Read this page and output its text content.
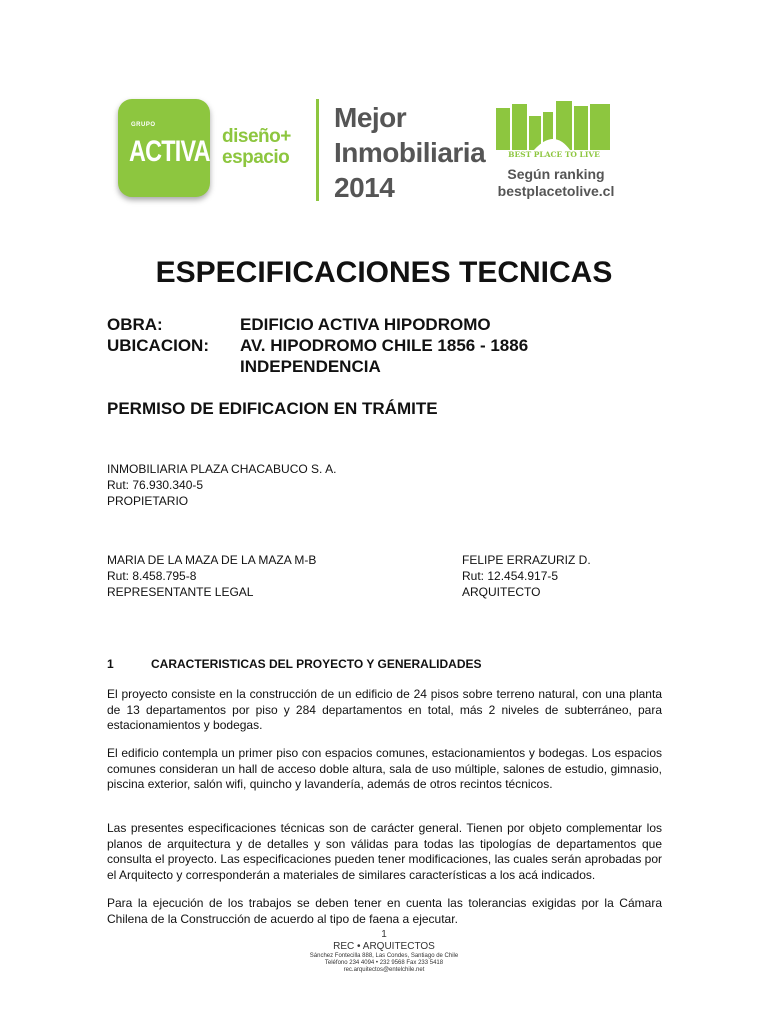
GRUPO
ACTIVA diseño+
espacio
Mejor
Inmobiliaria
2014
BEST PLACE TO LIVE
Según ranking
bestplacetolive.cl
ESPECIFICACIONES TECNICAS
OBRA:	EDIFICIO ACTIVA HIPODROMO
UBICACION: AV. HIPODROMO CHILE 1856 - 1886
INDEPENDENCIA
PERMISO DE EDIFICACION EN TRÁMITE
INMOBILIARIA PLAZA CHACABUCO S. A.
Rut: 76.930.340-5
PROPIETARIO
MARIA DE LA MAZA DE LA MAZA M-B
Rut: 8.458.795-8
REPRESENTANTE LEGAL
FELIPE ERRAZURIZ D.
Rut: 12.454.917-5
ARQUITECTO
1	CARACTERISTICAS DEL PROYECTO Y GENERALIDADES
El proyecto consiste en la construcción de un edificio de 24 pisos sobre terreno natural, con una planta de 13 departamentos por piso y 284 departamentos en total, más 2 niveles de subterráneo, para estacionamientos y bodegas.
El edificio contempla un primer piso con espacios comunes, estacionamientos y bodegas. Los espacios comunes consideran un hall de acceso doble altura, sala de uso múltiple, salones de estudio, gimnasio, piscina exterior, salón wifi, quincho y lavandería, además de otros recintos técnicos.
Las presentes especificaciones técnicas son de carácter general. Tienen por objeto complementar los planos de arquitectura y de detalles y son válidas para todas las tipologías de departamentos que consulta el proyecto. Las especificaciones pueden tener modificaciones, las cuales serán aprobadas por el Arquitecto y corresponderán a materiales de similares características a los acá indicados.
Para la ejecución de los trabajos se deben tener en cuenta las tolerancias exigidas por la Cámara Chilena de la Construcción de acuerdo al tipo de faena a ejecutar.
1
REC • ARQUITECTOS
Sánchez Fontecilla 888, Las Condes, Santiago de Chile
Teléfono 234 4094 • 232 9568 Fax 233 5418
rec.arquitectos@entelchile.net
